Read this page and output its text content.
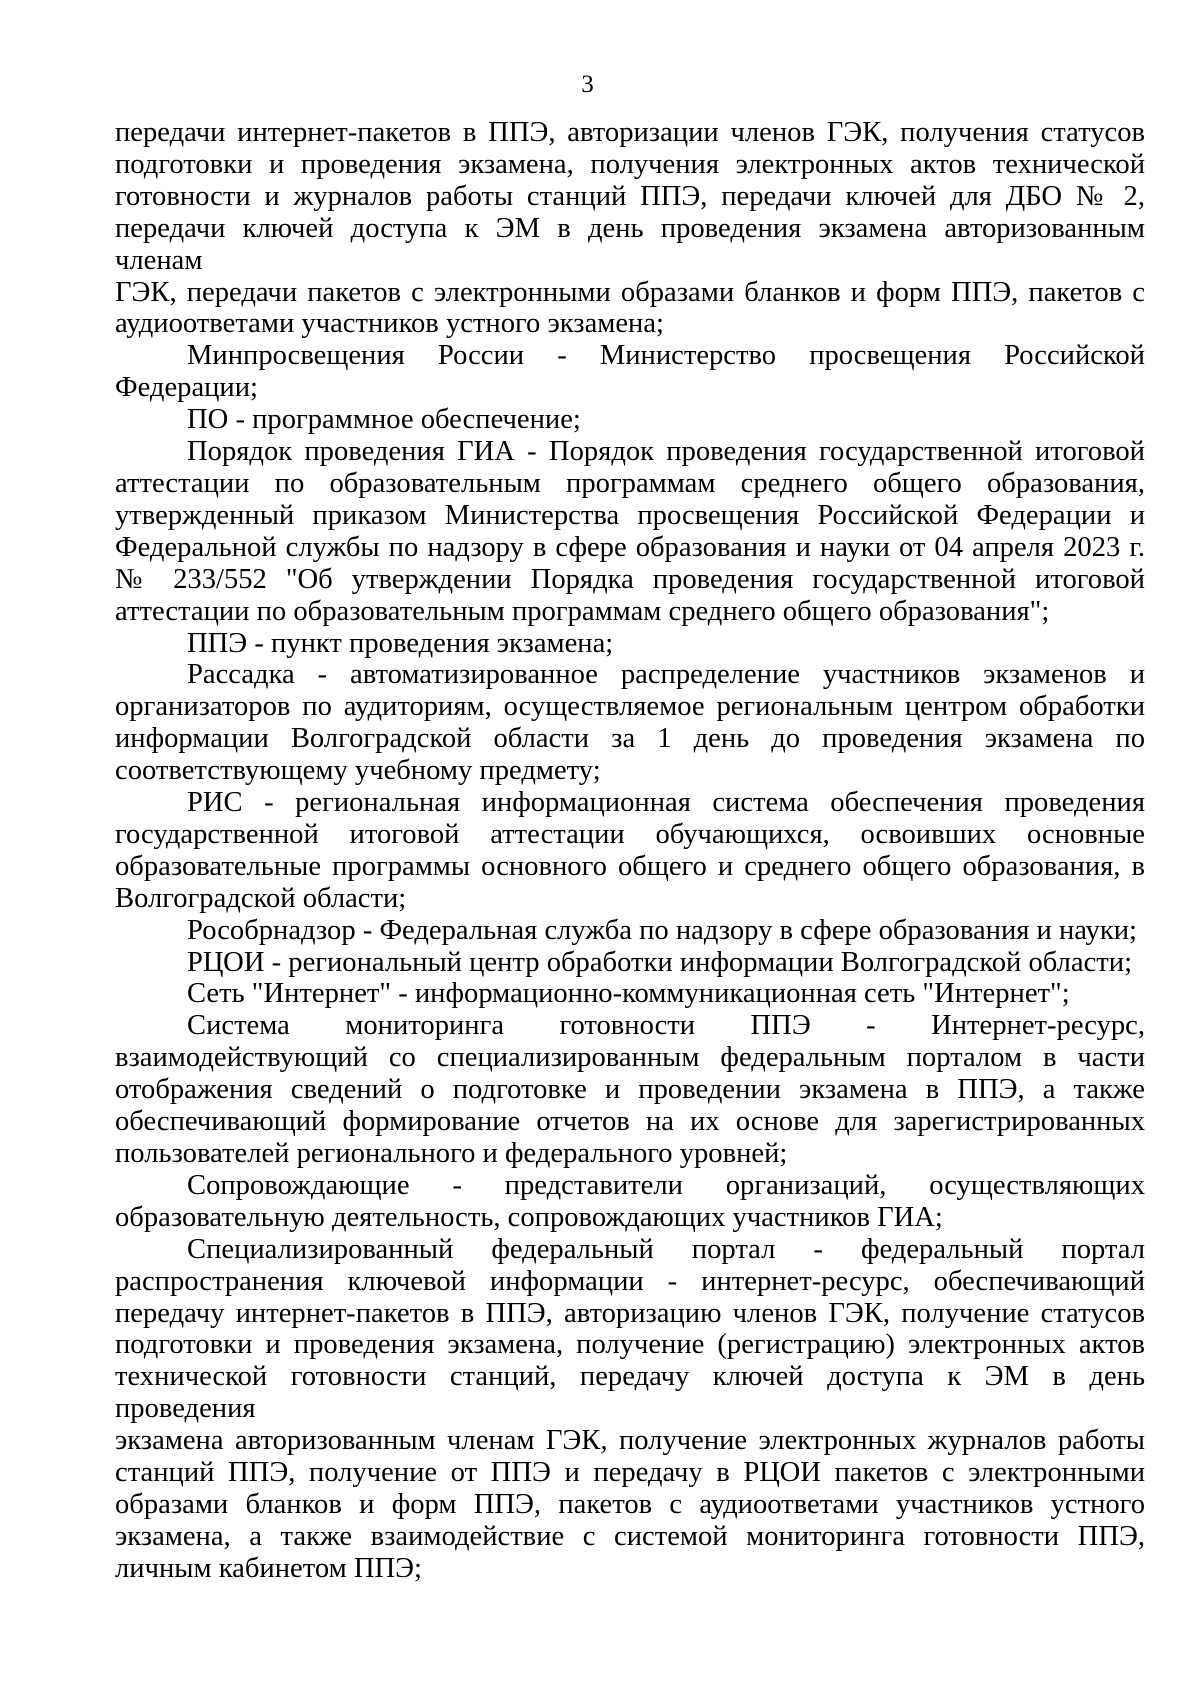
3
передачи интернет-пакетов в ППЭ, авторизации членов ГЭК, получения статусов
подготовки и проведения экзамена, получения электронных актов технической
готовности и журналов работы станций ППЭ, передачи ключей для ДБО № 2,
передачи ключей доступа к ЭМ в день проведения экзамена авторизованным членам
ГЭК, передачи пакетов с электронными образами бланков и форм ППЭ, пакетов с
аудиоответами участников устного экзамена;
Минпросвещения России - Министерство просвещения Российской
Федерации;
ПО - программное обеспечение;
Порядок проведения ГИА - Порядок проведения государственной итоговой
аттестации по образовательным программам среднего общего образования,
утвержденный приказом Министерства просвещения Российской Федерации и
Федеральной службы по надзору в сфере образования и науки от 04 апреля 2023 г.
№ 233/552 "Об утверждении Порядка проведения государственной итоговой
аттестации по образовательным программам среднего общего образования";
ППЭ - пункт проведения экзамена;
Рассадка - автоматизированное распределение участников экзаменов и
организаторов по аудиториям, осуществляемое региональным центром обработки
информации Волгоградской области за 1 день до проведения экзамена по
соответствующему учебному предмету;
РИС - региональная информационная система обеспечения проведения
государственной итоговой аттестации обучающихся, освоивших основные
образовательные программы основного общего и среднего общего образования, в
Волгоградской области;
Рособрнадзор - Федеральная служба по надзору в сфере образования и науки;
РЦОИ - региональный центр обработки информации Волгоградской области;
Сеть "Интернет" - информационно-коммуникационная сеть "Интернет";
Система мониторинга готовности ППЭ - Интернет-ресурс,
взаимодействующий со специализированным федеральным порталом в части
отображения сведений о подготовке и проведении экзамена в ППЭ, а также
обеспечивающий формирование отчетов на их основе для зарегистрированных
пользователей регионального и федерального уровней;
Сопровождающие - представители организаций, осуществляющих
образовательную деятельность, сопровождающих участников ГИА;
Специализированный федеральный портал - федеральный портал
распространения ключевой информации - интернет-ресурс, обеспечивающий
передачу интернет-пакетов в ППЭ, авторизацию членов ГЭК, получение статусов
подготовки и проведения экзамена, получение (регистрацию) электронных актов
технической готовности станций, передачу ключей доступа к ЭМ в день проведения
экзамена авторизованным членам ГЭК, получение электронных журналов работы
станций ППЭ, получение от ППЭ и передачу в РЦОИ пакетов с электронными
образами бланков и форм ППЭ, пакетов с аудиоответами участников устного
экзамена, а также взаимодействие с системой мониторинга готовности ППЭ,
личным кабинетом ППЭ;
